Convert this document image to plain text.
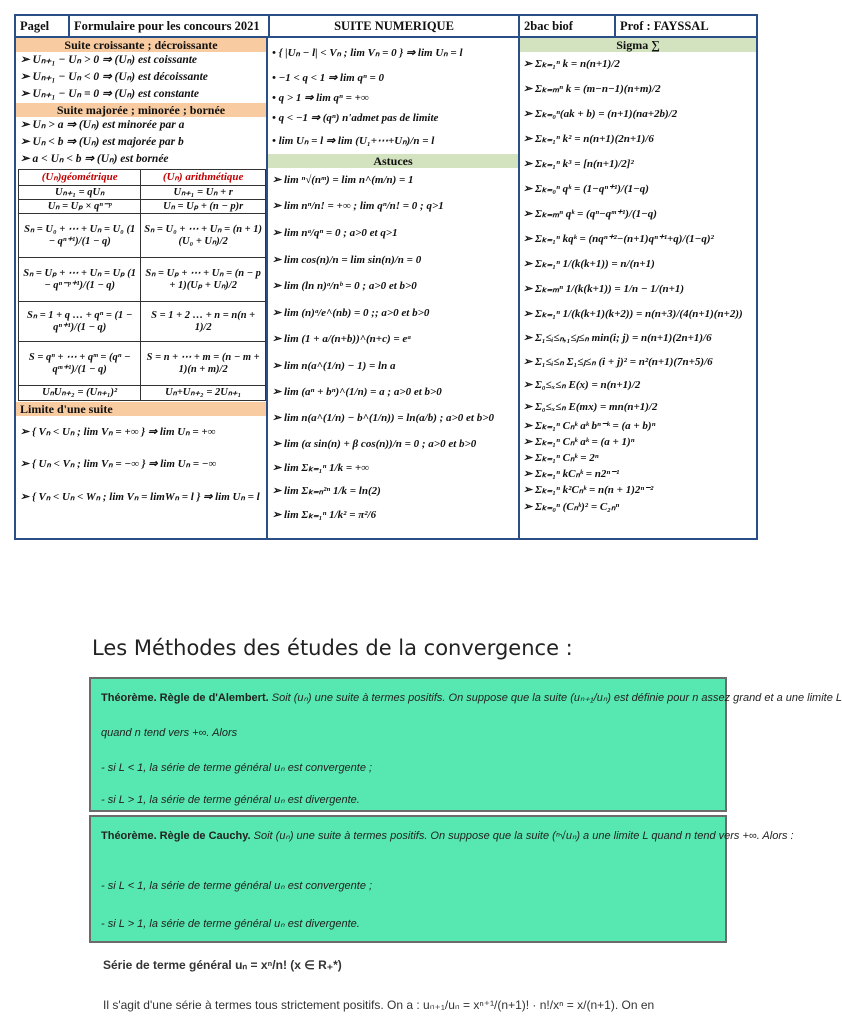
Pagel	Formulaire pour les concours 2021	SUITE NUMERIQUE	2bac biof	Prof : FAYSSAL
Suite croissante ; décroissante
➢ Uₙ₊₁ − Uₙ > 0 ⇒ (Uₙ) est coissante
➢ Uₙ₊₁ − Uₙ < 0 ⇒ (Uₙ) est décoissante
➢ Uₙ₊₁ − Uₙ = 0 ⇒ (Uₙ) est constante
Suite majorée ; minorée ; bornée
➢ Uₙ > a ⇒ (Uₙ) est minorée par a
➢ Uₙ < b ⇒ (Uₙ) est majorée par b
➢ a < Uₙ < b ⇒ (Uₙ) est bornée
(Uₙ)géométrique	(Uₙ) arithmétique
Uₙ₊₁ = qUₙ	Uₙ₊₁ = Uₙ + r
Uₙ = Uₚ × qⁿ⁻ᵖ	Uₙ = Uₚ + (n − p)r
Sₙ = U₀ + ⋯ + Uₙ = U₀ (1 − qⁿ⁺¹)/(1 − q)	Sₙ = U₀ + ⋯ + Uₙ = (n + 1)(U₀ + Uₙ)/2
Sₙ = Uₚ + ⋯ + Uₙ = Uₚ (1 − qⁿ⁻ᵖ⁺¹)/(1 − q)	Sₙ = Uₚ + ⋯ + Uₙ = (n − p + 1)(Uₚ + Uₙ)/2
Sₙ = 1 + q … + qⁿ = (1 − qⁿ⁺¹)/(1 − q)	S = 1 + 2 … + n = n(n + 1)/2
S = qⁿ + ⋯ + qᵐ = (qⁿ − qᵐ⁺¹)/(1 − q)	S = n + ⋯ + m = (n − m + 1)(n + m)/2
UₙUₙ₊₂ = (Uₙ₊₁)²	Uₙ+Uₙ₊₂ = 2Uₙ₊₁
Limite d'une suite
➢ { Vₙ < Uₙ ; lim Vₙ = +∞ } ⇒ lim Uₙ = +∞
➢ { Uₙ < Vₙ ; lim Vₙ = −∞ } ⇒ lim Uₙ = −∞
➢ { Vₙ < Uₙ < Wₙ ; lim Vₙ = limWₙ = l } ⇒ lim Uₙ = l
• { |Uₙ − l| < Vₙ ; lim Vₙ = 0 } ⇒ lim Uₙ = l
• −1 < q < 1 ⇒ lim qⁿ = 0
• q > 1 ⇒ lim qⁿ = +∞
• q < −1 ⇒ (qⁿ) n'admet pas de limite
• lim Uₙ = l ⇒ lim (U₁+⋯+Uₙ)/n = l
Astuces
➢ lim ⁿ√(nᵐ) = lim n^(m/n) = 1
➢ lim nⁿ/n! = +∞ ; lim qⁿ/n! = 0 ; q>1
➢ lim nᵃ/qⁿ = 0 ; a>0 et q>1
➢ lim cos(n)/n = lim sin(n)/n = 0
➢ lim (ln n)ᵃ/nᵇ = 0 ; a>0 et b>0
➢ lim (n)ᵃ/e^(nb) = 0 ;; a>0 et b>0
➢ lim (1 + a/(n+b))^(n+c) = eᵃ
➢ lim n(a^(1/n) − 1) = ln a
➢ lim (aⁿ + bⁿ)^(1/n) = a ; a>0 et b>0
➢ lim n(a^(1/n) − b^(1/n)) = ln(a/b) ; a>0 et b>0
➢ lim (α sin(n) + β cos(n))/n = 0 ; a>0 et b>0
➢ lim Σₖ₌₁ⁿ 1/k = +∞
➢ lim Σₖ₌ₙ²ⁿ 1/k = ln(2)
➢ lim Σₖ₌₁ⁿ 1/k² = π²/6
Sigma ∑
➢ Σₖ₌₁ⁿ k = n(n+1)/2
➢ Σₖ₌ₘⁿ k = (m−n−1)(n+m)/2
➢ Σₖ₌₀ⁿ(ak + b) = (n+1)(na+2b)/2
➢ Σₖ₌₁ⁿ k² = n(n+1)(2n+1)/6
➢ Σₖ₌₁ⁿ k³ = [n(n+1)/2]²
➢ Σₖ₌₀ⁿ qᵏ = (1−qⁿ⁺¹)/(1−q)
➢ Σₖ₌ₘⁿ qᵏ = (qⁿ−qᵐ⁺¹)/(1−q)
➢ Σₖ₌₁ⁿ kqᵏ = (nqⁿ⁺²−(n+1)qⁿ⁺¹+q)/(1−q)²
➢ Σₖ₌₁ⁿ 1/(k(k+1)) = n/(n+1)
➢ Σₖ₌ₘⁿ 1/(k(k+1)) = 1/n − 1/(n+1)
➢ Σₖ₌₁ⁿ 1/(k(k+1)(k+2)) = n(n+3)/(4(n+1)(n+2))
➢ Σ₁≤ᵢ≤ₙ,₁≤ⱼ≤ₙ min(i; j) = n(n+1)(2n+1)/6
➢ Σ₁≤ᵢ≤ₙ Σ₁≤ⱼ≤ₙ (i + j)² = n²(n+1)(7n+5)/6
➢ Σ₀≤ₓ≤ₙ E(x) = n(n+1)/2
➢ Σ₀≤ₓ≤ₙ E(mx) = mn(n+1)/2
➢ Σₖ₌₁ⁿ Cₙᵏ aᵏ bⁿ⁻ᵏ = (a + b)ⁿ
➢ Σₖ₌₁ⁿ Cₙᵏ aᵏ = (a + 1)ⁿ
➢ Σₖ₌₁ⁿ Cₙᵏ = 2ⁿ
➢ Σₖ₌₁ⁿ kCₙᵏ = n2ⁿ⁻¹
➢ Σₖ₌₁ⁿ k²Cₙᵏ = n(n + 1)2ⁿ⁻²
➢ Σₖ₌₀ⁿ (Cₙᵏ)² = C₂ₙⁿ
Les Méthodes des études de la convergence :

Théorème. Règle de d'Alembert. Soit (uₙ) une suite à termes positifs. On suppose que la suite (uₙ₊₁/uₙ) est définie pour n assez grand et a une limite L

quand n tend vers +∞. Alors

- si L < 1, la série de terme général uₙ est convergente ;

- si L > 1, la série de terme général uₙ est divergente.

Théorème. Règle de Cauchy. Soit (uₙ) une suite à termes positifs. On suppose que la suite (ⁿ√uₙ) a une limite L quand n tend vers +∞. Alors :

- si L < 1, la série de terme général uₙ est convergente ;

- si L > 1, la série de terme général uₙ est divergente.

Série de terme général uₙ = xⁿ/n! (x ∈ R₊*)
Il s'agit d'une série à termes tous strictement positifs. On a : uₙ₊₁/uₙ = xⁿ⁺¹/(n+1)! · n!/xⁿ = x/(n+1). On en
